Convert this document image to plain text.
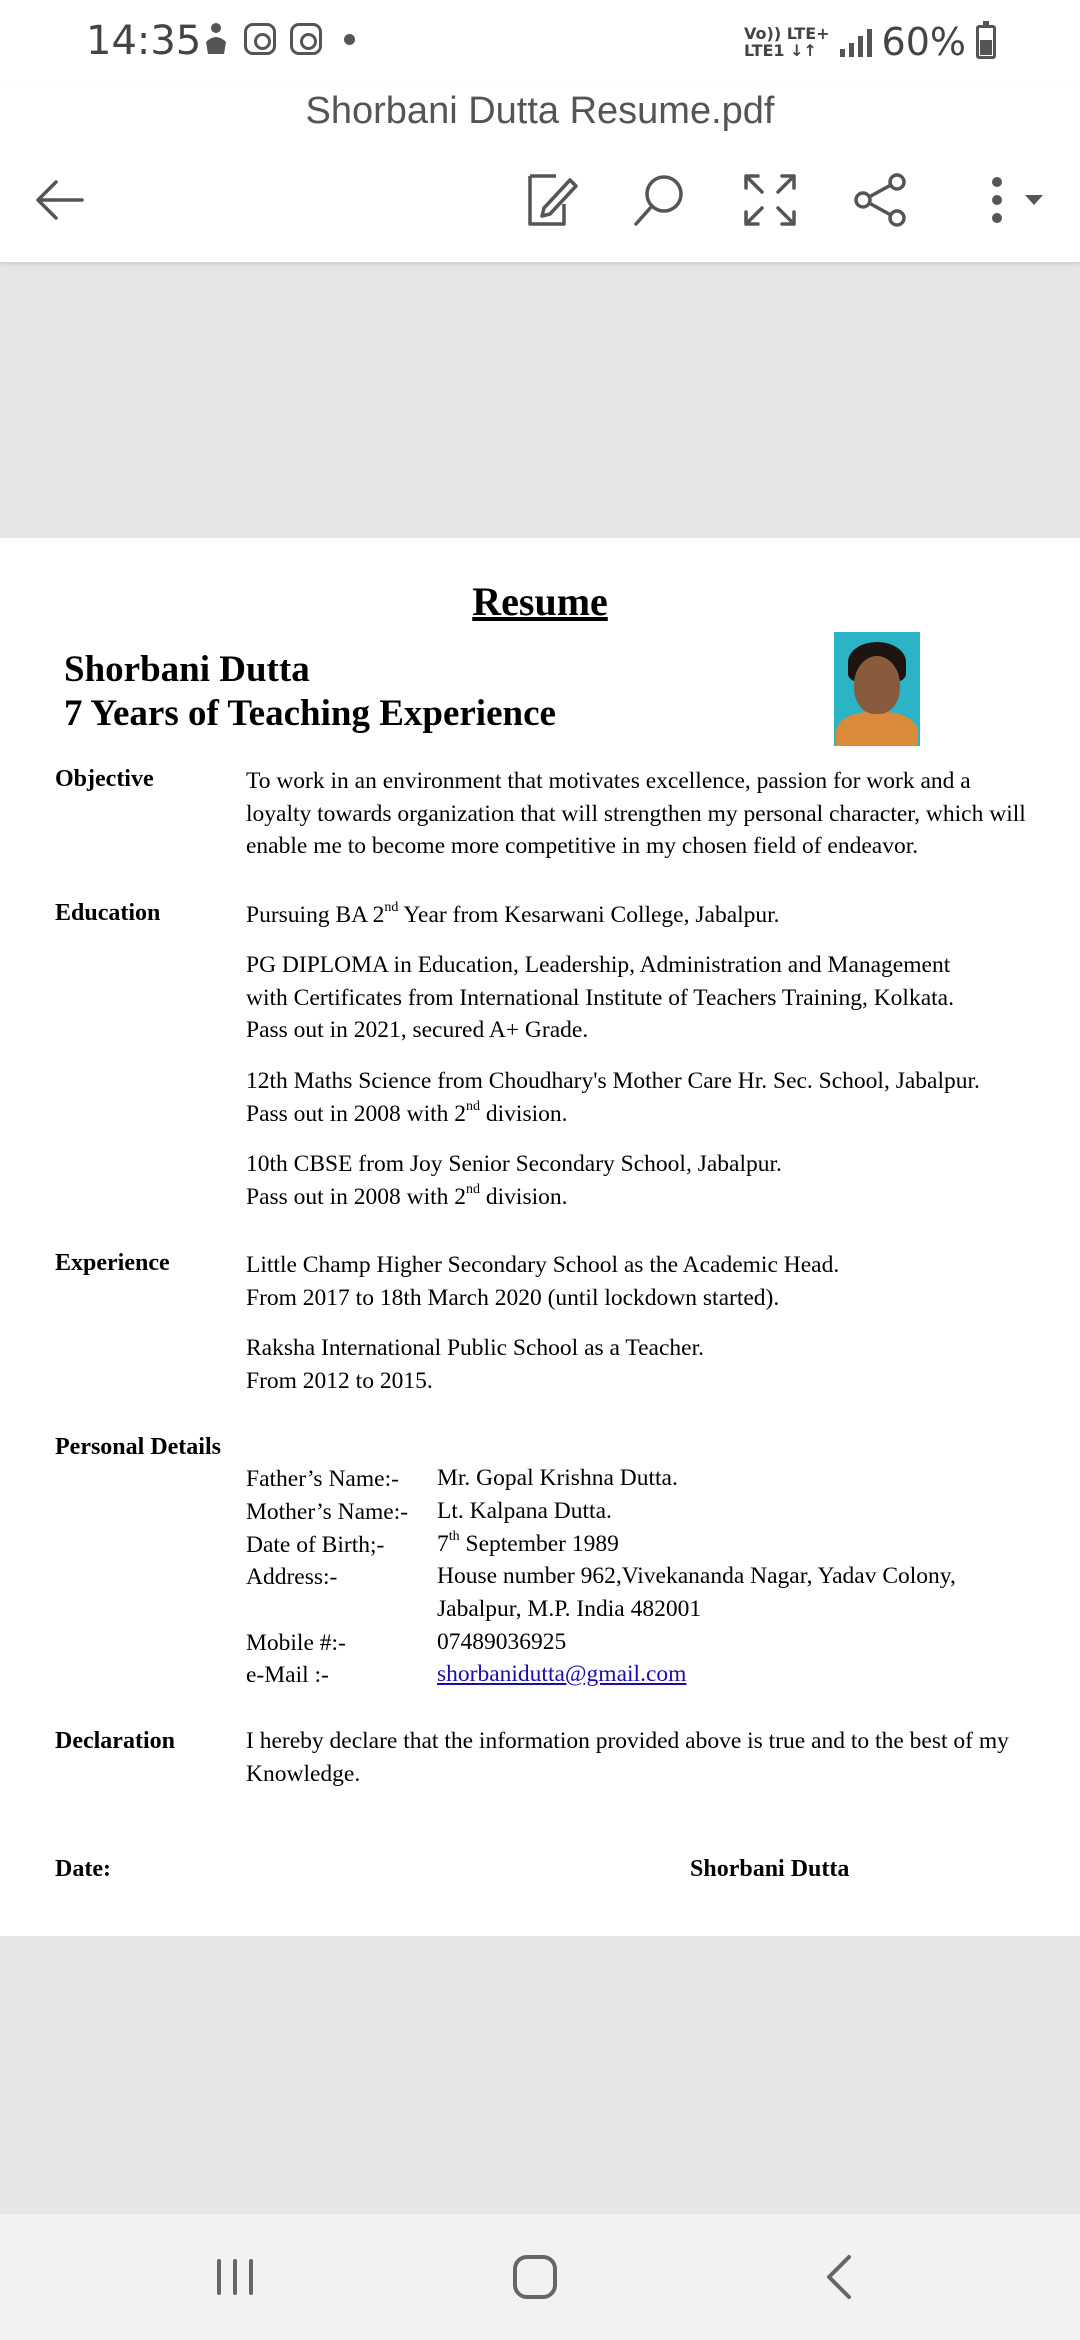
14:35	Vo)) LTE+
LTE1 ↓↑	60%
Shorbani Dutta Resume.pdf
Resume
Shorbani Dutta
7 Years of Teaching Experience
Objective	To work in an environment that motivates excellence, passion for work and a loyalty towards organization that will strengthen my personal character, which will enable me to become more competitive in my chosen field of endeavor.
Education	Pursuing BA 2nd Year from Kesarwani College, Jabalpur.
PG DIPLOMA in Education, Leadership, Administration and Management
with Certificates from International Institute of Teachers Training, Kolkata.
Pass out in 2021, secured A+ Grade.
12th Maths Science from Choudhary's Mother Care Hr. Sec. School, Jabalpur.
Pass out in 2008 with 2nd division.
10th CBSE from Joy Senior Secondary School, Jabalpur.
Pass out in 2008 with 2nd division.
Experience	Little Champ Higher Secondary School as the Academic Head.
From 2017 to 18th March 2020 (until lockdown started).
Raksha International Public School as a Teacher.
From 2012 to 2015.
Personal Details
Father’s Name:- Mr. Gopal Krishna Dutta.
Mother’s Name:- Lt. Kalpana Dutta.
Date of Birth;- 7th September 1989
Address:-	House number 962,Vivekananda Nagar, Yadav Colony,
Jabalpur, M.P. India 482001
Mobile #:-	07489036925
e-Mail :-	shorbanidutta@gmail.com
Declaration	I hereby declare that the information provided above is true and to the best of my Knowledge.
Date:	Shorbani Dutta
